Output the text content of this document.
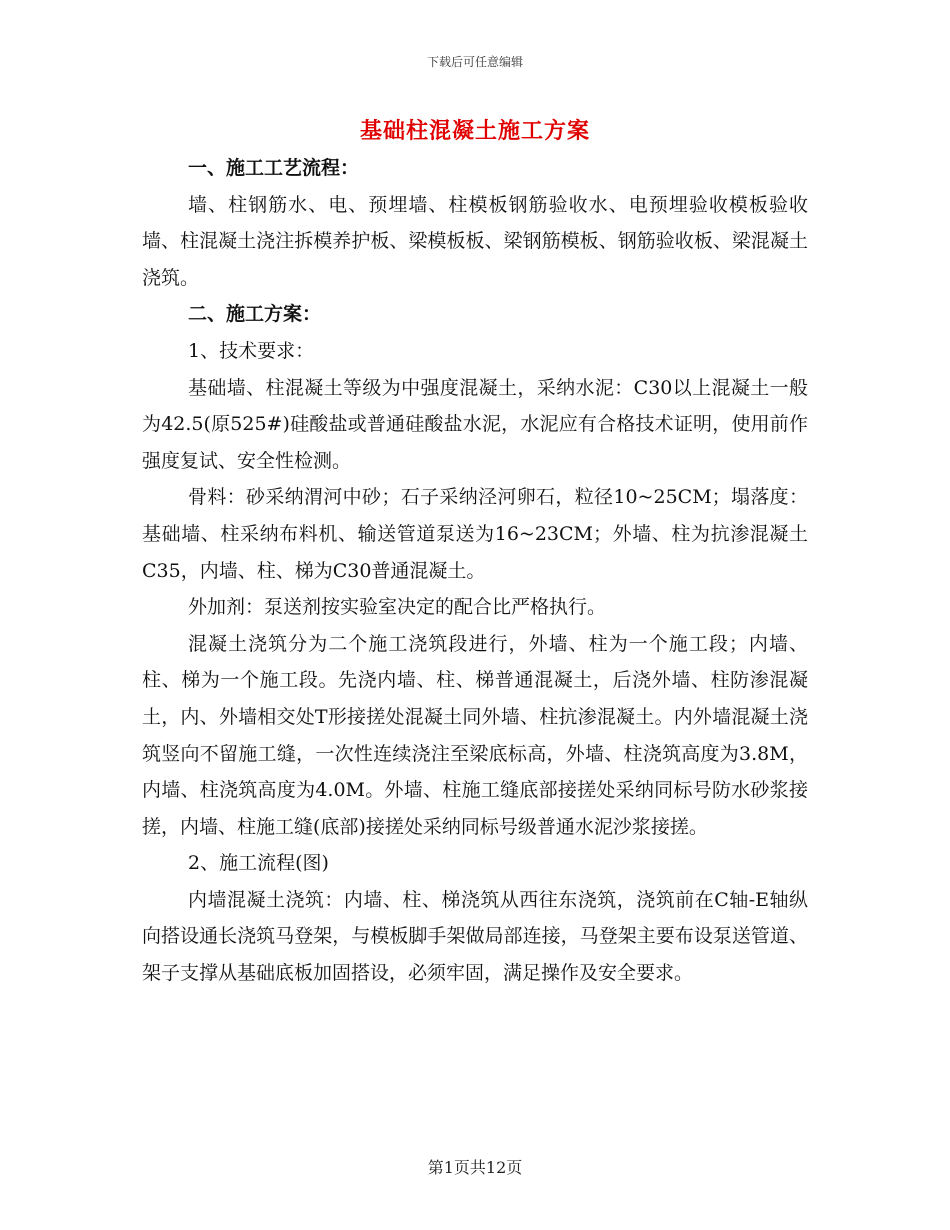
下载后可任意编辑
基础柱混凝土施工方案

一、施工工艺流程：

墙、柱钢筋水、电、预埋墙、柱模板钢筋验收水、电预埋验收模板验收墙、柱混凝土浇注拆模养护板、梁模板板、梁钢筋模板、钢筋验收板、梁混凝土浇筑。

二、施工方案：

1、技术要求：

基础墙、柱混凝土等级为中强度混凝土，采纳水泥：C30以上混凝土一般为42.5(原525#)硅酸盐或普通硅酸盐水泥，水泥应有合格技术证明，使用前作强度复试、安全性检测。

骨料：砂采纳渭河中砂；石子采纳泾河卵石，粒径10~25CM；塌落度：基础墙、柱采纳布料机、输送管道泵送为16~23CM；外墙、柱为抗渗混凝土C35，内墙、柱、梯为C30普通混凝土。

外加剂：泵送剂按实验室决定的配合比严格执行。

混凝土浇筑分为二个施工浇筑段进行，外墙、柱为一个施工段；内墙、柱、梯为一个施工段。先浇内墙、柱、梯普通混凝土，后浇外墙、柱防渗混凝土，内、外墙相交处T形接搓处混凝土同外墙、柱抗渗混凝土。内外墙混凝土浇筑竖向不留施工缝，一次性连续浇注至梁底标高，外墙、柱浇筑高度为3.8M，内墙、柱浇筑高度为4.0M。外墙、柱施工缝底部接搓处采纳同标号防水砂浆接搓，内墙、柱施工缝(底部)接搓处采纳同标号级普通水泥沙浆接搓。

2、施工流程(图)

内墙混凝土浇筑：内墙、柱、梯浇筑从西往东浇筑，浇筑前在C轴-E轴纵向搭设通长浇筑马登架，与模板脚手架做局部连接，马登架主要布设泵送管道、架子支撑从基础底板加固搭设，必须牢固，满足操作及安全要求。

第1页共12页
